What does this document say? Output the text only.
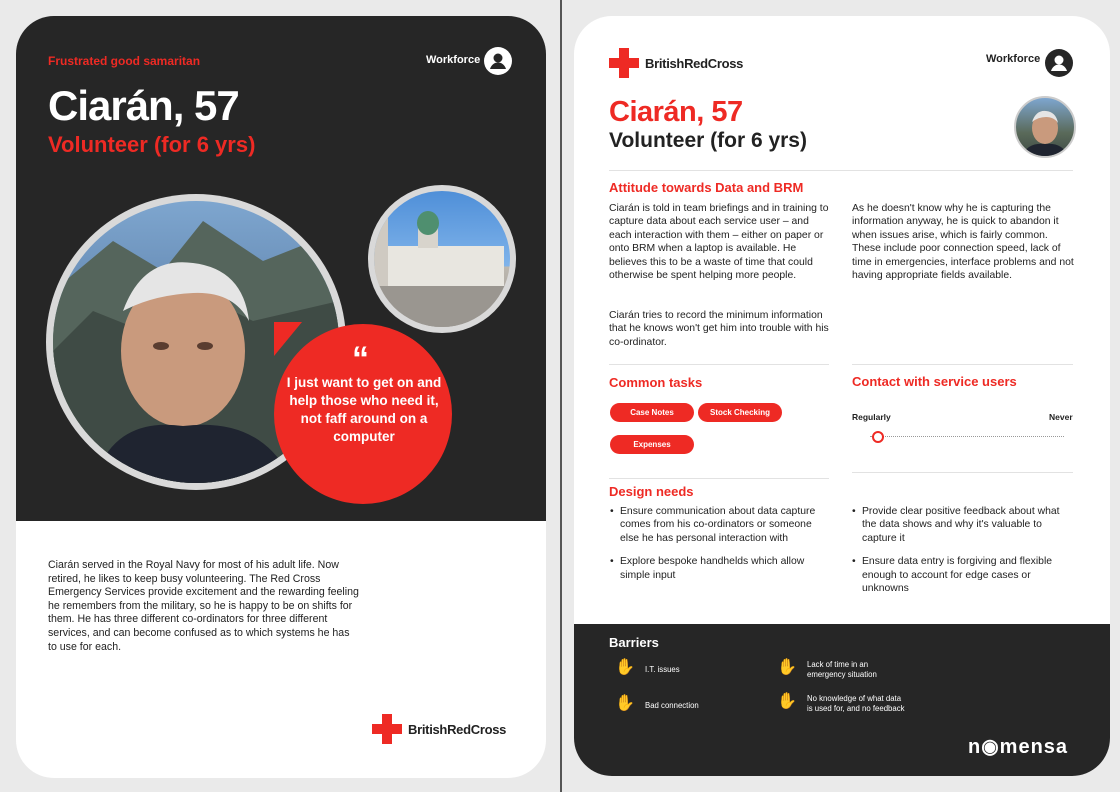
Frustrated good samaritan	Workforce
Ciarán, 57
Volunteer (for 6 yrs)
“
I just want to get on and help those who need it, not faff around on a computer
Ciarán served in the Royal Navy for most of his adult life. Now retired, he likes to keep busy volunteering. The Red Cross Emergency Services provide excitement and the rewarding feeling he remembers from the military, so he is happy to be on shifts for them. He has three different co-ordinators for three different services, and can become confused as to which systems he has to use for each.
BritishRedCross
BritishRedCross	Workforce
Ciarán, 57
Volunteer (for 6 yrs)
Attitude towards Data and BRM
Ciarán is told in team briefings and in training to capture data about each service user – and each interaction with them – either on paper or onto BRM when a laptop is available. He believes this to be a waste of time that could otherwise be spent helping more people.
Ciarán tries to record the minimum information that he knows won't get him into trouble with his co-ordinator.
As he doesn't know why he is capturing the information anyway, he is quick to abandon it when issues arise, which is fairly common. These include poor connection speed, lack of time in emergencies, interface problems and not having appropriate fields available.
Common tasks
Case Notes	Stock Checking
Expenses
Contact with service users
Regularly	Never
Design needs
• Ensure communication about data capture comes from his co-ordinators or someone else he has personal interaction with
• Explore bespoke handhelds which allow simple input
• Provide clear positive feedback about what the data shows and why it's valuable to capture it
• Ensure data entry is forgiving and flexible enough to account for edge cases or unknowns
Barriers
✋ I.T. issues	✋ Lack of time in an emergency situation
✋ Bad connection	✋ No knowledge of what data is used for, and no feedback
n◉mensa
